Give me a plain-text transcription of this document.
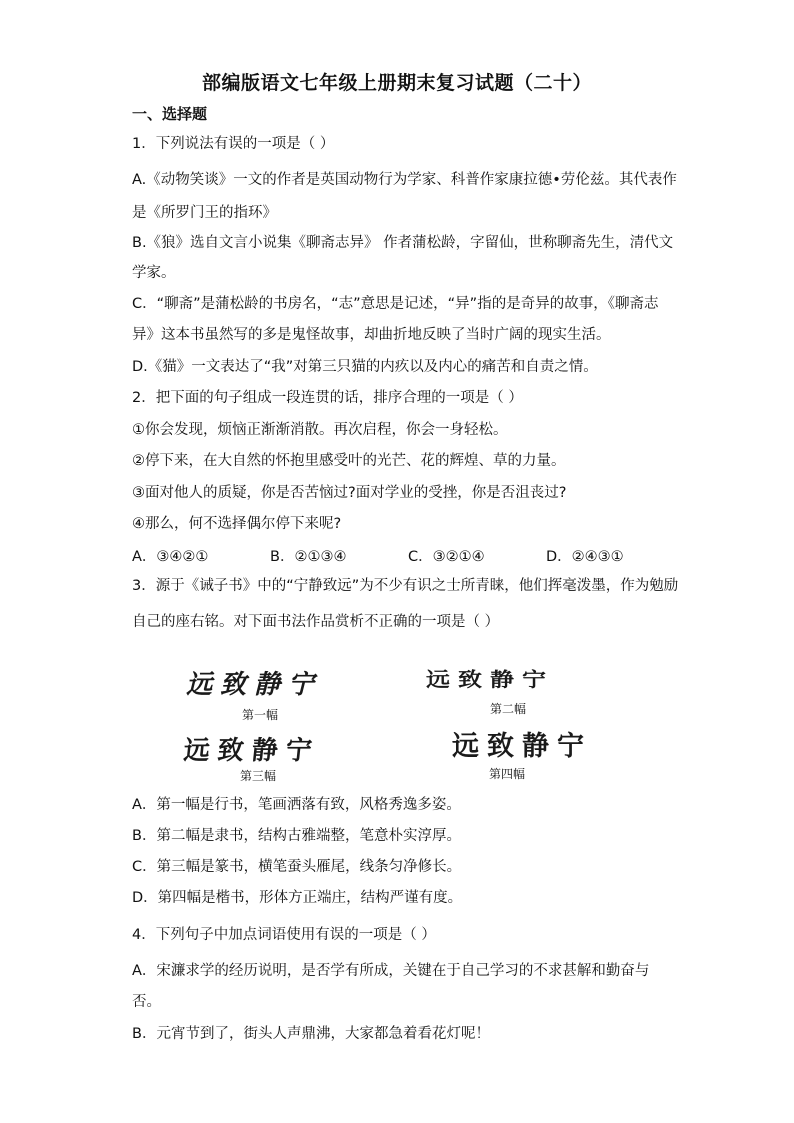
部编版语文七年级上册期末复习试题（二十）
一、选择题
1．下列说法有误的一项是（ ）
A.《动物笑谈》一文的作者是英国动物行为学家、科普作家康拉德•劳伦兹。其代表作
是《所罗门王的指环》
B.《狼》选自文言小说集《聊斋志异》 作者蒲松龄，字留仙，世称聊斋先生，清代文
学家。
C．“聊斋”是蒲松龄的书房名，“志”意思是记述，“异”指的是奇异的故事，《聊斋志
异》这本书虽然写的多是鬼怪故事，却曲折地反映了当时广阔的现实生活。
D.《猫》一文表达了“我”对第三只猫的内疚以及内心的痛苦和自责之情。
2．把下面的句子组成一段连贯的话，排序合理的一项是（ ）
①你会发现，烦恼正渐渐消散。再次启程，你会一身轻松。
②停下来，在大自然的怀抱里感受叶的光芒、花的辉煌、草的力量。
③面对他人的质疑，你是否苦恼过?面对学业的受挫，你是否沮丧过?
④那么，何不选择偶尔停下来呢?
A．③④②①	B．②①③④	C．③②①④	D．②④③①
3．源于《诫子书》中的“宁静致远”为不少有识之士所青睐，他们挥毫泼墨，作为勉励
自己的座右铭。对下面书法作品赏析不正确的一项是（ ）
远致静宁
第一幅
远致静宁
第二幅
远致静宁
第三幅
远致静宁
第四幅
A．第一幅是行书，笔画洒落有致，风格秀逸多姿。
B．第二幅是隶书，结构古雅端整，笔意朴实淳厚。
C．第三幅是篆书，横笔蚕头雁尾，线条匀净修长。
D．第四幅是楷书，形体方正端庄，结构严谨有度。
4．下列句子中加点词语使用有误的一项是（ ）
A．宋濂求学的经历说明，是否学有所成，关键在于自己学习的不求甚解和勤奋与
否。
B．元宵节到了，街头人声鼎沸，大家都急着看花灯呢！
